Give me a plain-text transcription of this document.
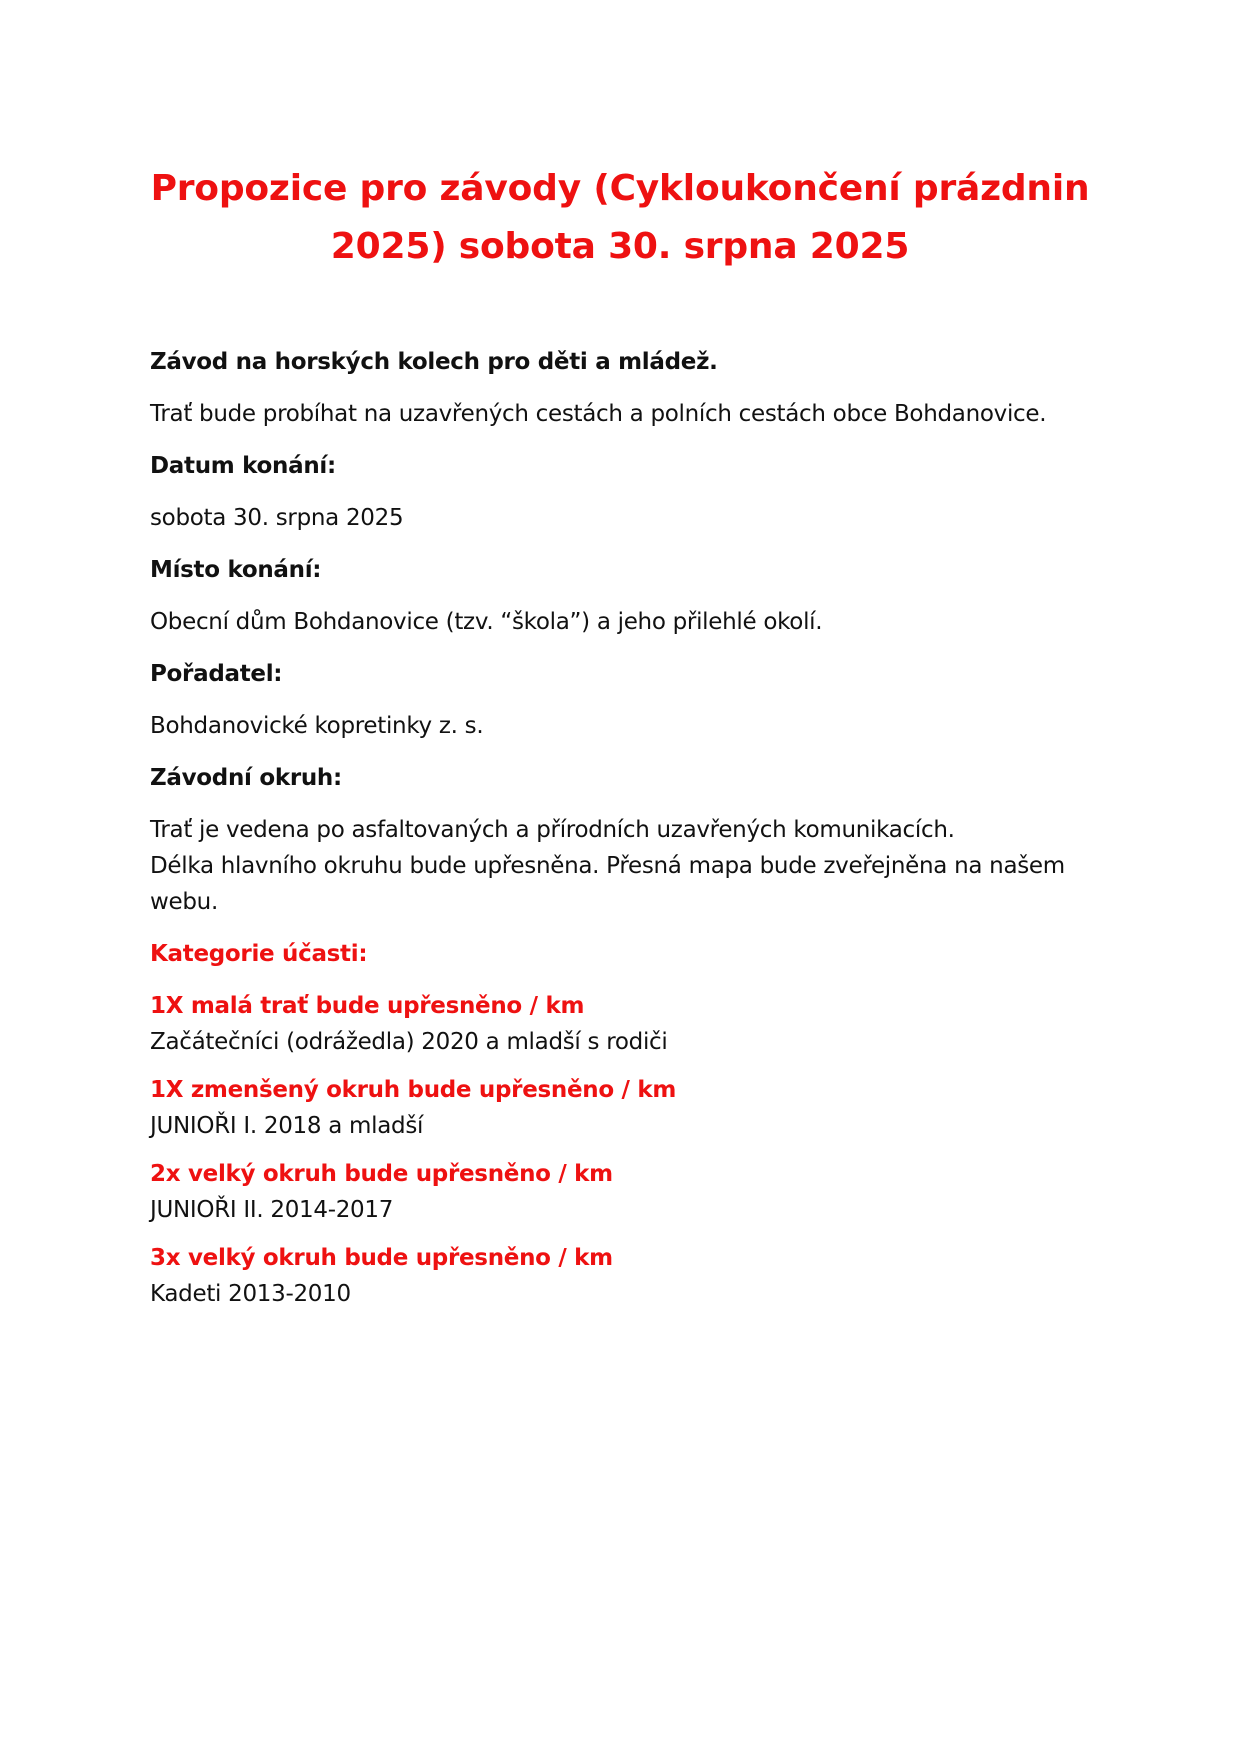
Propozice pro závody (Cykloukončení prázdnin 2025) sobota 30. srpna 2025

Závod na horských kolech pro děti a mládež.

Trať bude probíhat na uzavřených cestách a polních cestách obce Bohdanovice.

Datum konání:

sobota 30. srpna 2025

Místo konání:

Obecní dům Bohdanovice (tzv. “škola”) a jeho přilehlé okolí.

Pořadatel:

Bohdanovické kopretinky z. s.

Závodní okruh:

Trať je vedena po asfaltovaných a přírodních uzavřených komunikacích.

Délka hlavního okruhu bude upřesněna. Přesná mapa bude zveřejněna na našem webu.

Kategorie účasti:

1X malá trať bude upřesněno / km

Začátečníci (odrážedla) 2020 a mladší s rodiči

1X zmenšený okruh bude upřesněno / km

JUNIOŘI I. 2018 a mladší

2x velký okruh bude upřesněno / km

JUNIOŘI II. 2014-2017

3x velký okruh bude upřesněno / km

Kadeti 2013-2010
